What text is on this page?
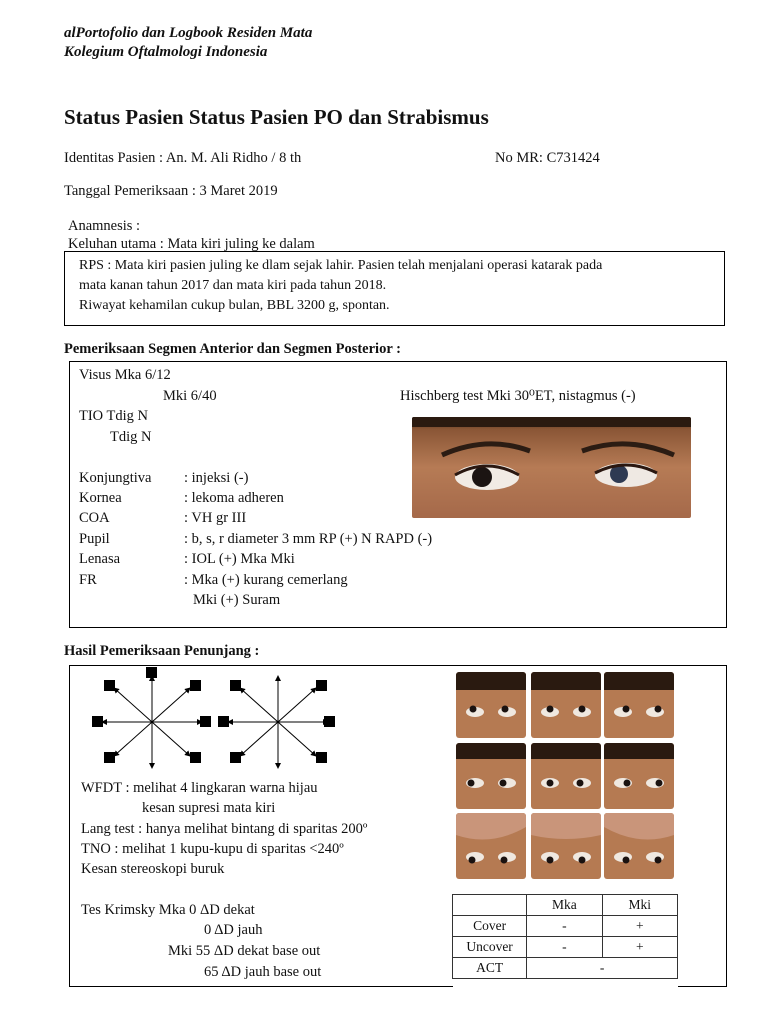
alPortofolio dan Logbook Residen Mata
Kolegium Oftalmologi Indonesia
Status Pasien Status Pasien PO dan Strabismus
Identitas Pasien : An. M. Ali Ridho / 8 th	No MR: C731424
Tanggal Pemeriksaan : 3 Maret 2019
Anamnesis :
Keluhan utama : Mata kiri juling ke dalam
RPS : Mata kiri pasien juling ke dlam sejak lahir. Pasien telah menjalani operasi katarak pada
mata kanan tahun 2017 dan mata kiri pada tahun 2018.
Riwayat kehamilan cukup bulan, BBL 3200 g, spontan.
Pemeriksaan Segmen Anterior dan Segmen Posterior :
Visus Mka 6/12
Mki 6/40	Hischberg test Mki 30⁰ET, nistagmus (-)
TIO Tdig N
Tdig N
Konjungtiva : injeksi (-)
Kornea	: lekoma adheren
COA	: VH gr III
Pupil	: b, s, r diameter 3 mm RP (+) N RAPD (-)
Lenasa	: IOL (+) Mka Mki
FR	: Mka (+) kurang cemerlang
Mki (+) Suram
Hasil Pemeriksaan Penunjang :
WFDT : melihat 4 lingkaran warna hijau
kesan supresi mata kiri
Lang test : hanya melihat bintang di sparitas 200º
TNO : melihat 1 kupu-kupu di sparitas <240º
Kesan stereoskopi buruk
Tes Krimsky Mka 0 ΔD dekat
0 ΔD jauh
Mki 55 ΔD dekat base out
65 ΔD jauh base out
	Mka	Mki
Cover	-	+
Uncover	-	+
ACT	-	
